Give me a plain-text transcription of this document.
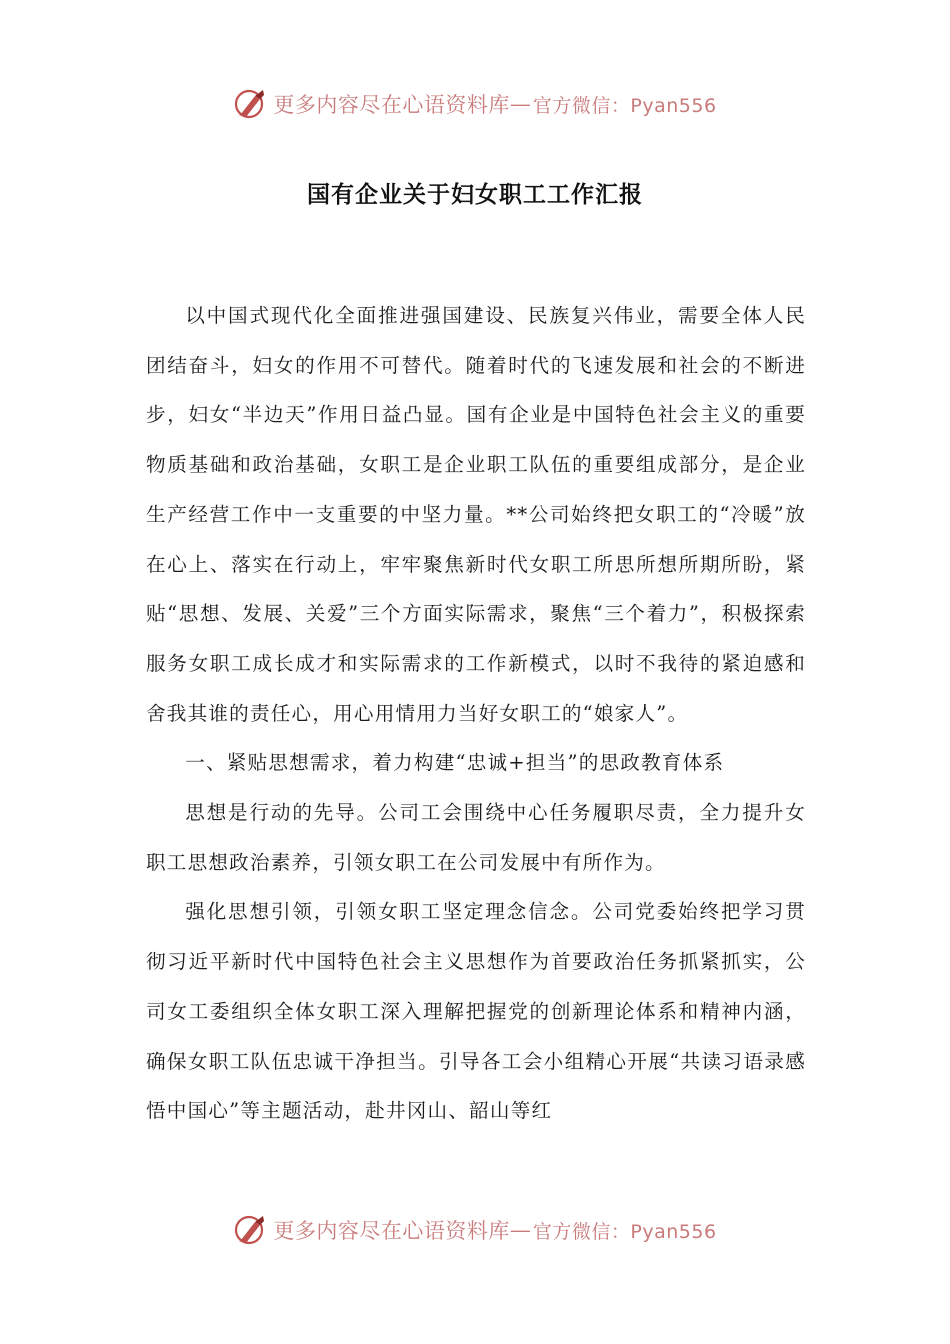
更多内容尽在心语资料库 — 官方微信：Pyan556
国有企业关于妇女职工工作汇报

以中国式现代化全面推进强国建设、民族复兴伟业，需要全体人民团结奋斗，妇女的作用不可替代。随着时代的飞速发展和社会的不断进步，妇女“半边天”作用日益凸显。国有企业是中国特色社会主义的重要物质基础和政治基础，女职工是企业职工队伍的重要组成部分，是企业生产经营工作中一支重要的中坚力量。**公司始终把女职工的“冷暖”放在心上、落实在行动上，牢牢聚焦新时代女职工所思所想所期所盼，紧贴“思想、发展、关爱”三个方面实际需求，聚焦“三个着力”，积极探索服务女职工成长成才和实际需求的工作新模式，以时不我待的紧迫感和舍我其谁的责任心，用心用情用力当好女职工的“娘家人”。

一、紧贴思想需求，着力构建“忠诚+担当”的思政教育体系

思想是行动的先导。公司工会围绕中心任务履职尽责，全力提升女职工思想政治素养，引领女职工在公司发展中有所作为。

强化思想引领，引领女职工坚定理念信念。公司党委始终把学习贯彻习近平新时代中国特色社会主义思想作为首要政治任务抓紧抓实，公司女工委组织全体女职工深入理解把握党的创新理论体系和精神内涵，确保女职工队伍忠诚干净担当。引导各工会小组精心开展“共读习语录感悟中国心”等主题活动，赴井冈山、韶山等红

更多内容尽在心语资料库 — 官方微信：Pyan556
